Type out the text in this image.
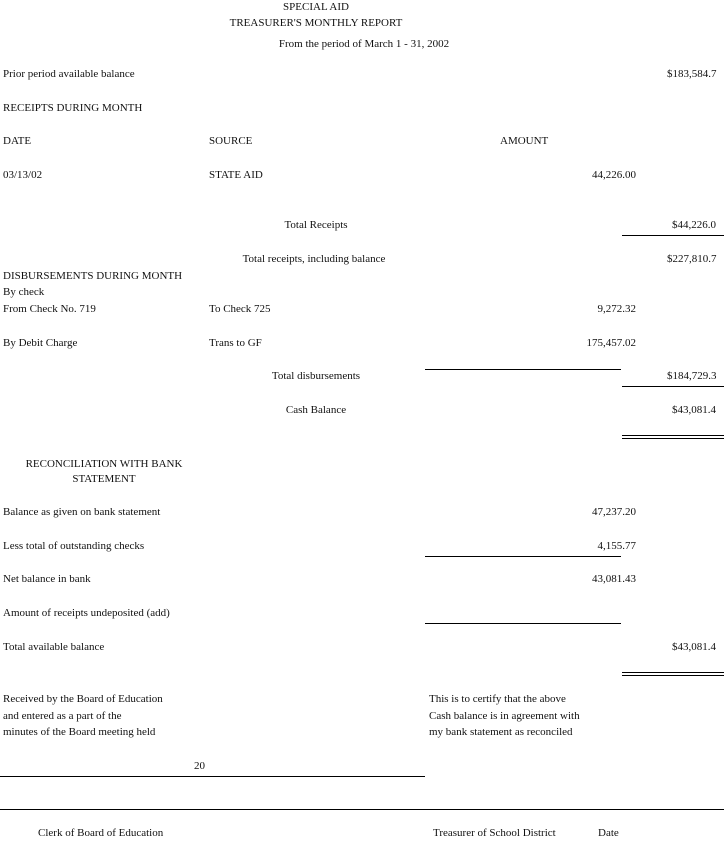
SPECIAL AID
TREASURER'S MONTHLY REPORT
From the period of March 1 - 31, 2002
Prior period available balance	$183,584.7
RECEIPTS DURING MONTH
DATE	SOURCE	AMOUNT
03/13/02	STATE AID	44,226.00
Total Receipts	$44,226.0
Total receipts, including balance	$227,810.7
DISBURSEMENTS DURING MONTH
By check
From Check No. 719	To Check 725	9,272.32
By Debit Charge	Trans to GF	175,457.02
Total disbursements	$184,729.3
Cash Balance	$43,081.4
RECONCILIATION WITH BANK
STATEMENT
Balance as given on bank statement	47,237.20
Less total of outstanding checks	4,155.77
Net balance in bank	43,081.43
Amount of receipts undeposited (add)
Total available balance	$43,081.4
Received by the Board of Education
and entered as a part of the
minutes of the Board meeting held
This is to certify that the above
Cash balance is in agreement with
my bank statement as reconciled
20
Clerk of Board of Education	Treasurer of School District	Date
